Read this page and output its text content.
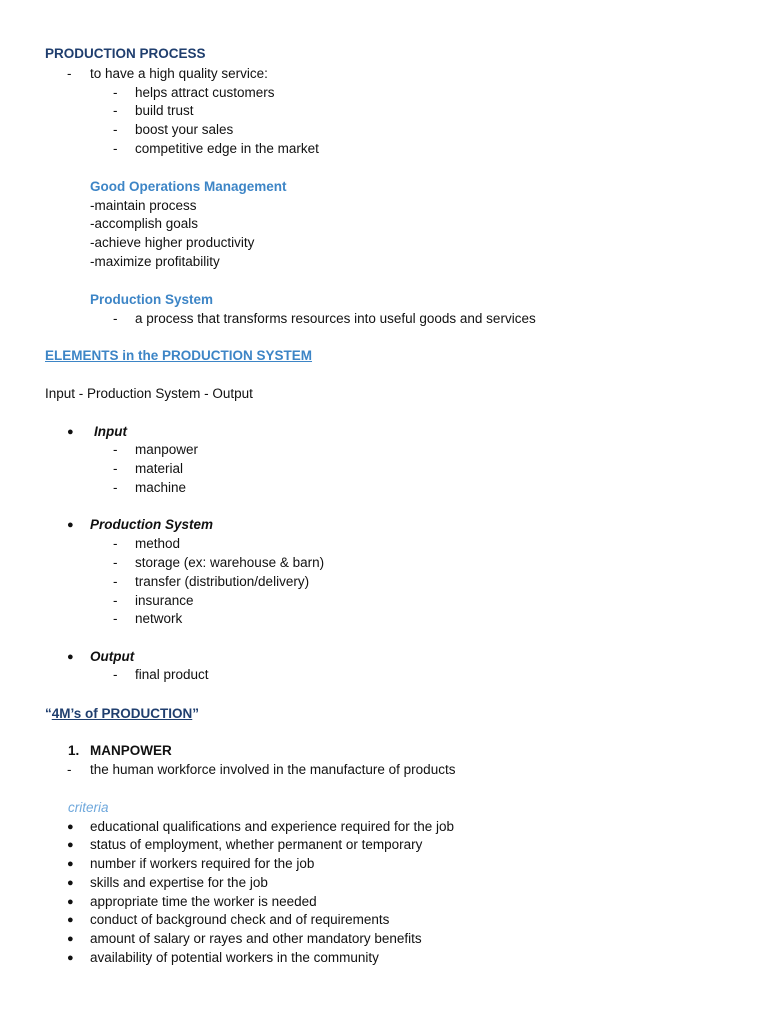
PRODUCTION PROCESS
- to have a high quality service:
- helps attract customers
- build trust
- boost your sales
- competitive edge in the market
Good Operations Management
-maintain process
-accomplish goals
-achieve higher productivity
-maximize profitability
Production System
- a process that transforms resources into useful goods and services
ELEMENTS in the PRODUCTION SYSTEM
Input - Production System - Output
● Input
- manpower
- material
- machine
● Production System
- method
- storage (ex: warehouse & barn)
- transfer (distribution/delivery)
- insurance
- network
● Output
- final product
“4M’s of PRODUCTION”
1. MANPOWER
- the human workforce involved in the manufacture of products
criteria
● educational qualifications and experience required for the job
● status of employment, whether permanent or temporary
● number if workers required for the job
● skills and expertise for the job
● appropriate time the worker is needed
● conduct of background check and of requirements
● amount of salary or rayes and other mandatory benefits
● availability of potential workers in the community
